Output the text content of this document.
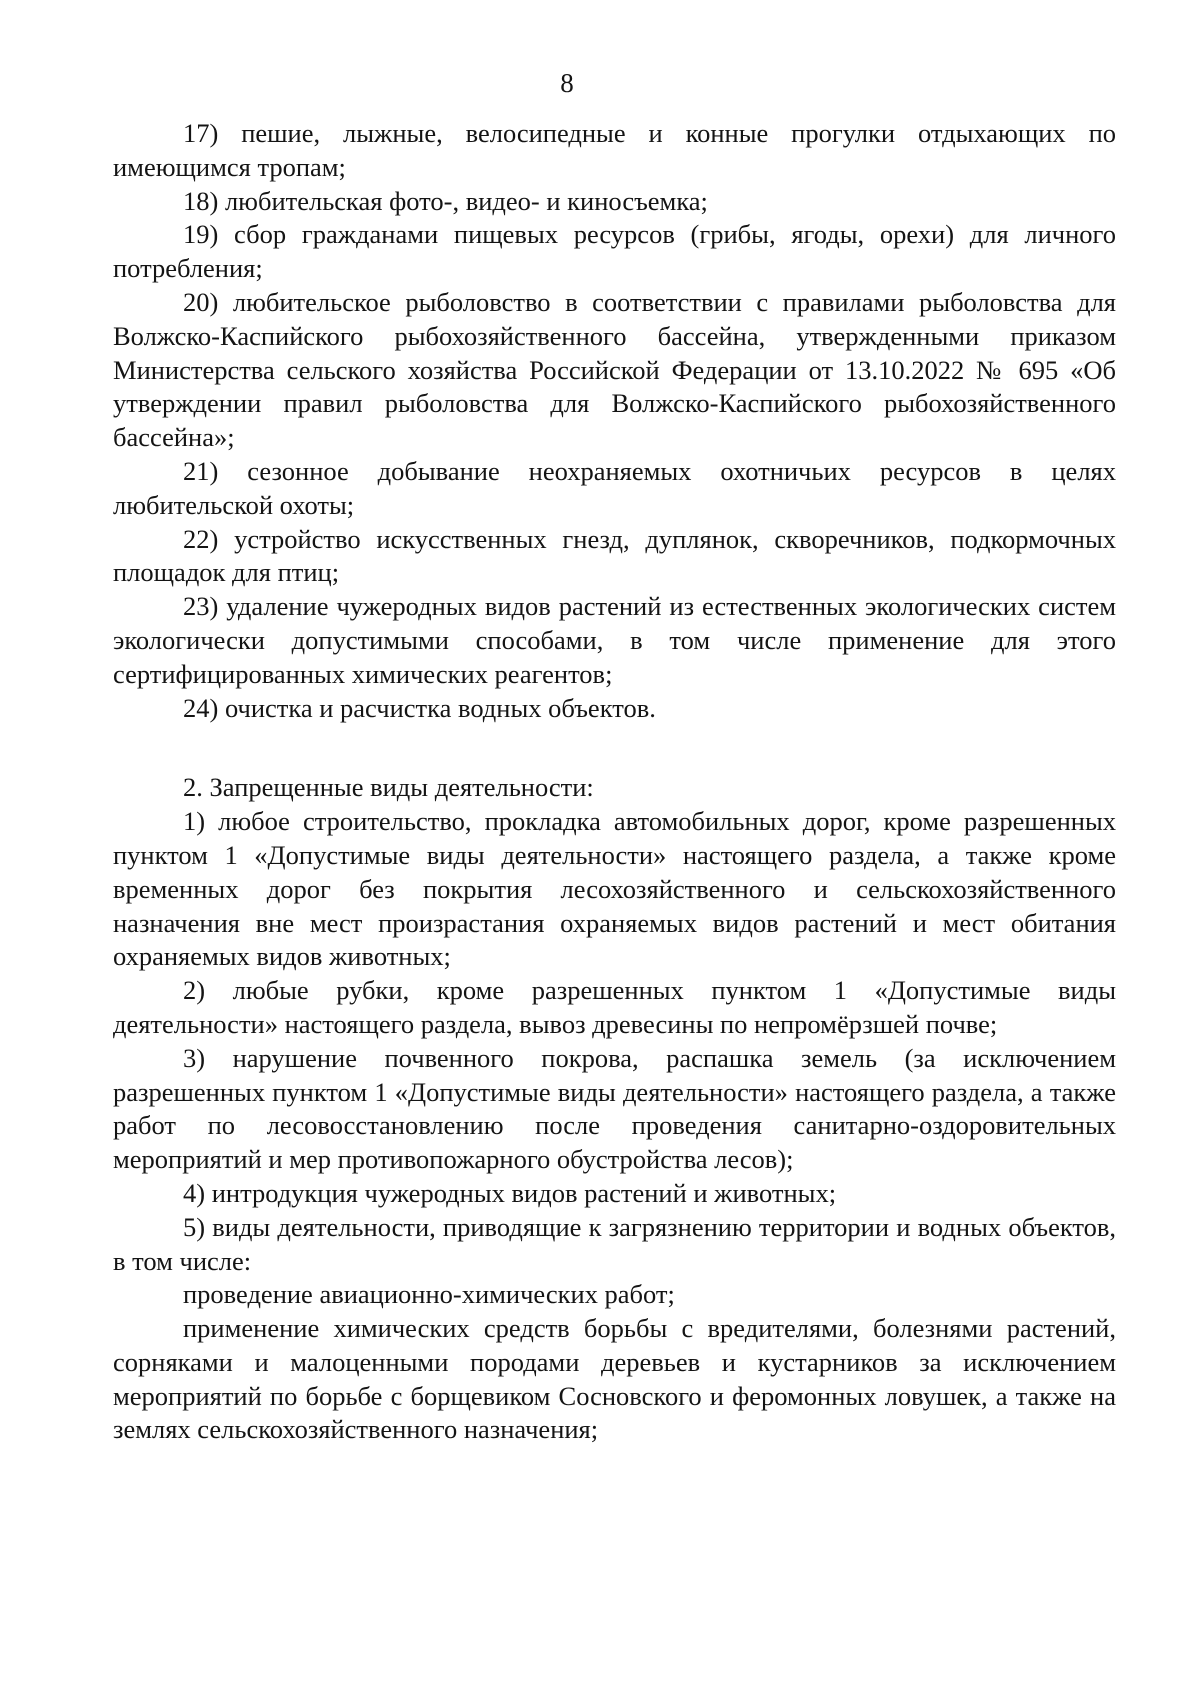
8

17) пешие, лыжные, велосипедные и конные прогулки отдыхающих по имеющимся тропам;

18) любительская фото-, видео- и киносъемка;

19) сбор гражданами пищевых ресурсов (грибы, ягоды, орехи) для личного потребления;

20) любительское рыболовство в соответствии с правилами рыболовства для Волжско-Каспийского рыбохозяйственного бассейна, утвержденными приказом Министерства сельского хозяйства Российской Федерации от 13.10.2022 № 695 «Об утверждении правил рыболовства для Волжско-Каспийского рыбохозяйственного бассейна»;

21) сезонное добывание неохраняемых охотничьих ресурсов в целях любительской охоты;

22) устройство искусственных гнезд, дуплянок, скворечников, подкормочных площадок для птиц;

23) удаление чужеродных видов растений из естественных экологических систем экологически допустимыми способами, в том числе применение для этого сертифицированных химических реагентов;

24) очистка и расчистка водных объектов.

2. Запрещенные виды деятельности:

1) любое строительство, прокладка автомобильных дорог, кроме разрешенных пунктом 1 «Допустимые виды деятельности» настоящего раздела, а также кроме временных дорог без покрытия лесохозяйственного и сельскохозяйственного назначения вне мест произрастания охраняемых видов растений и мест обитания охраняемых видов животных;

2) любые рубки, кроме разрешенных пунктом 1 «Допустимые виды деятельности» настоящего раздела, вывоз древесины по непромёрзшей почве;

3) нарушение почвенного покрова, распашка земель (за исключением разрешенных пунктом 1 «Допустимые виды деятельности» настоящего раздела, а также работ по лесовосстановлению после проведения санитарно-оздоровительных мероприятий и мер противопожарного обустройства лесов);

4) интродукция чужеродных видов растений и животных;

5) виды деятельности, приводящие к загрязнению территории и водных объектов, в том числе:

проведение авиационно-химических работ;

применение химических средств борьбы с вредителями, болезнями растений, сорняками и малоценными породами деревьев и кустарников за исключением мероприятий по борьбе с борщевиком Сосновского и феромонных ловушек, а также на землях сельскохозяйственного назначения;
